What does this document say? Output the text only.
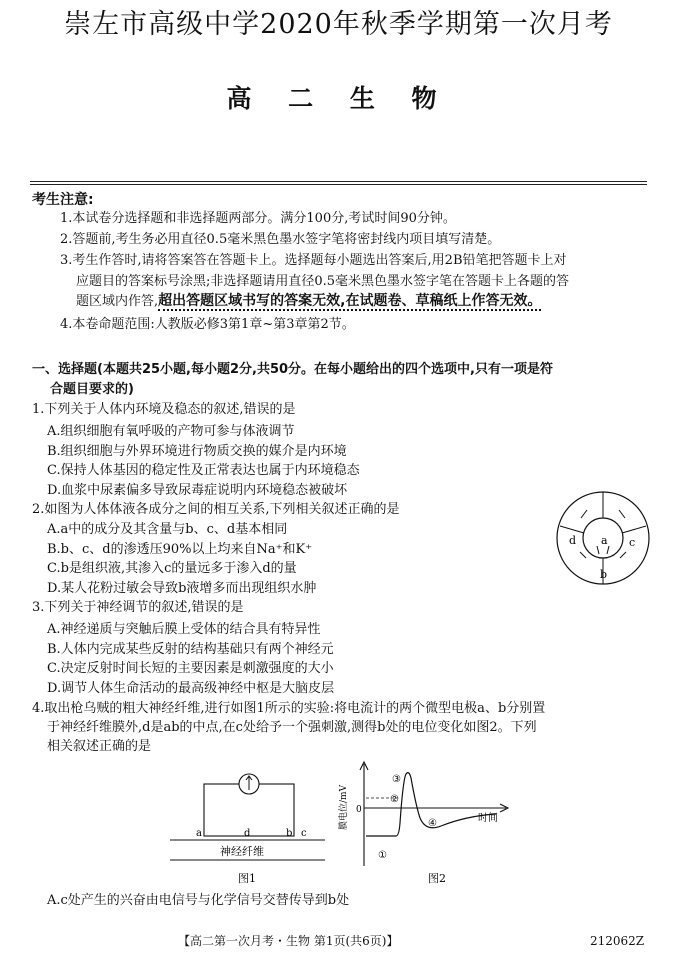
崇左市高级中学2020年秋季学期第一次月考
高 二 生 物
考生注意:
1.本试卷分选择题和非选择题两部分。满分100分,考试时间90分钟。
2.答题前,考生务必用直径0.5毫米黑色墨水签字笔将密封线内项目填写清楚。
3.考生作答时,请将答案答在答题卡上。选择题每小题选出答案后,用2B铅笔把答题卡上对
应题目的答案标号涂黑;非选择题请用直径0.5毫米黑色墨水签字笔在答题卡上各题的答
题区域内作答,超出答题区域书写的答案无效,在试题卷、草稿纸上作答无效。
4.本卷命题范围:人教版必修3第1章~第3章第2节。
一、选择题(本题共25小题,每小题2分,共50分。在每小题给出的四个选项中,只有一项是符
合题目要求的)
1.下列关于人体内环境及稳态的叙述,错误的是
A.组织细胞有氧呼吸的产物可参与体液调节
B.组织细胞与外界环境进行物质交换的媒介是内环境
C.保持人体基因的稳定性及正常表达也属于内环境稳态
D.血浆中尿素偏多导致尿毒症说明内环境稳态被破坏
2.如图为人体体液各成分之间的相互关系,下列相关叙述正确的是
A.a中的成分及其含量与b、c、d基本相同
B.b、c、d的渗透压90%以上均来自Na⁺和K⁺
C.b是组织液,其渗入c的量远多于渗入d的量
D.某人花粉过敏会导致b液增多而出现组织水肿
a
b
c
d
3.下列关于神经调节的叙述,错误的是
A.神经递质与突触后膜上受体的结合具有特异性
B.人体内完成某些反射的结构基础只有两个神经元
C.决定反射时间长短的主要因素是刺激强度的大小
D.调节人体生命活动的最高级神经中枢是大脑皮层
4.取出枪乌贼的粗大神经纤维,进行如图1所示的实验:将电流计的两个微型电极a、b分别置
于神经纤维膜外,d是ab的中点,在c处给予一个强刺激,测得b处的电位变化如图2。下列
相关叙述正确的是
a	d	b c
神经纤维
图1
膜电位/mV 0
时间
①
②
③
④
图2
A.c处产生的兴奋由电信号与化学信号交替传导到b处
【高二第一次月考・生物 第1页(共6页)】	212062Z
